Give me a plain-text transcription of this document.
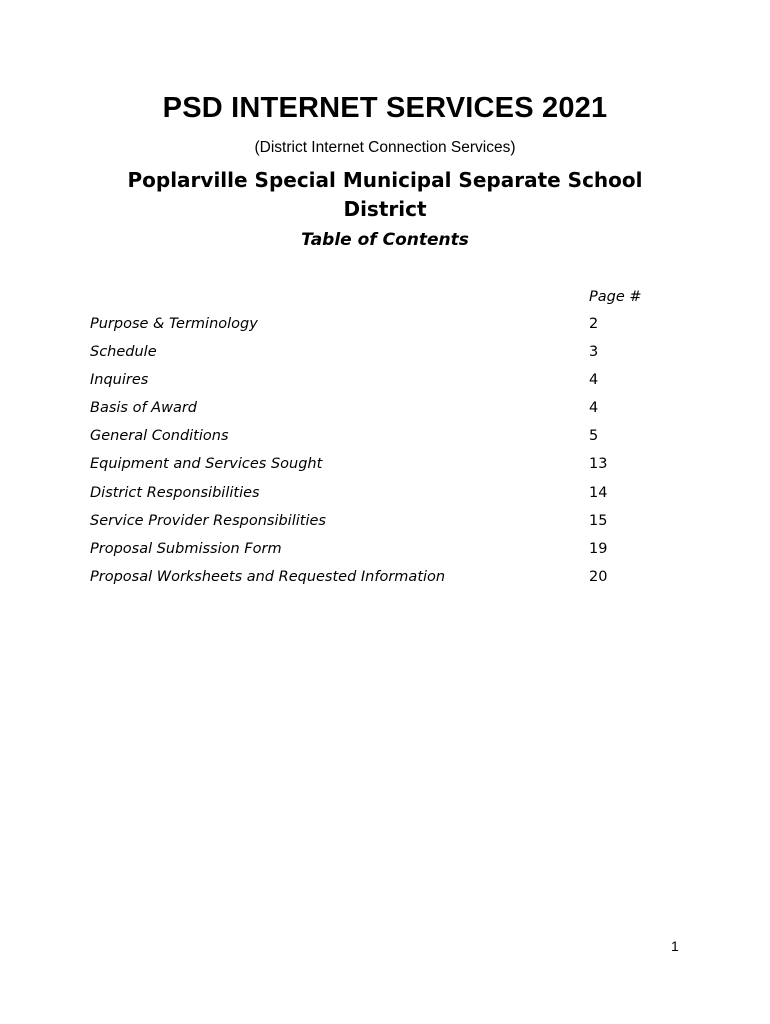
PSD INTERNET SERVICES 2021

(District Internet Connection Services)

Poplarville Special Municipal Separate School District
Table of Contents
Page #
Purpose & Terminology	2
Schedule	3
Inquires	4
Basis of Award	4
General Conditions	5
Equipment and Services Sought	13
District Responsibilities	14
Service Provider Responsibilities	15
Proposal Submission Form	19
Proposal Worksheets and Requested Information	20
1
